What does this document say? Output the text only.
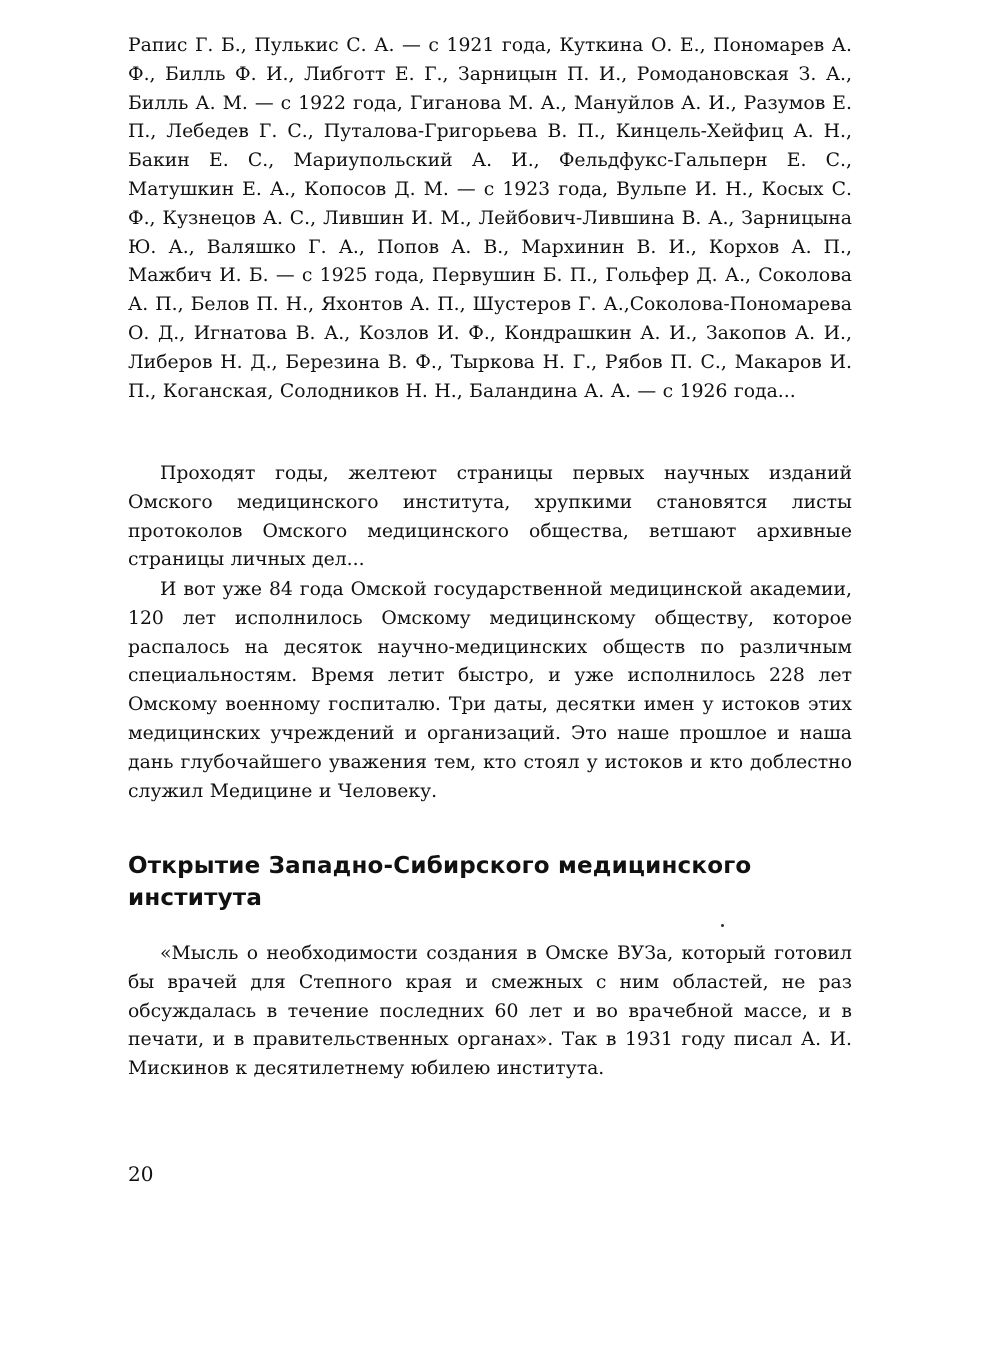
Рапис Г. Б., Пулькис С. А. — с 1921 года, Куткина О. Е., Пономарев А. Ф., Билль Ф. И., Либготт Е. Г., Зарницын П. И., Ромодановская З. А., Билль А. М. — с 1922 года, Гиганова М. А., Мануйлов А. И., Разумов Е. П., Лебедев Г. С., Путалова-Григорьева В. П., Кинцель-Хейфиц А. Н., Бакин Е. С., Мариупольский А. И., Фельдфукс-Гальперн Е. С., Матушкин Е. А., Копосов Д. М. — с 1923 года, Вульпе И. Н., Косых С. Ф., Кузнецов А. С., Лившин И. М., Лейбович-Лившина В. А., Зарницына Ю. А., Валяшко Г. А., Попов А. В., Мархинин В. И., Корхов А. П., Мажбич И. Б. — с 1925 года, Первушин Б. П., Гольфер Д. А., Соколова А. П., Белов П. Н., Яхонтов А. П., Шустеров Г. А.,Соколова-Пономарева О. Д., Игнатова В. А., Козлов И. Ф., Кондрашкин А. И., Закопов А. И., Либеров Н. Д., Березина В. Ф., Тыркова Н. Г., Рябов П. С., Макаров И. П., Коганская, Солодников Н. Н., Баландина А. А. — с 1926 года...

Проходят годы, желтеют страницы первых научных изданий Омского медицинского института, хрупкими становятся листы протоколов Омского медицинского общества, ветшают архивные страницы личных дел...

И вот уже 84 года Омской государственной медицинской академии, 120 лет исполнилось Омскому медицинскому обществу, которое распалось на десяток научно-медицинских обществ по различным специальностям. Время летит быстро, и уже исполнилось 228 лет Омскому военному госпиталю. Три даты, десятки имен у истоков этих медицинских учреждений и организаций. Это наше прошлое и наша дань глубочайшего уважения тем, кто стоял у истоков и кто доблестно служил Медицине и Человеку.

Открытие Западно-Сибирского медицинского института

«Мысль о необходимости создания в Омске ВУЗа, который готовил бы врачей для Степного края и смежных с ним областей, не раз обсуждалась в течение последних 60 лет и во врачебной массе, и в печати, и в правительственных органах». Так в 1931 году писал А. И. Мискинов к десятилетнему юбилею института.

20
